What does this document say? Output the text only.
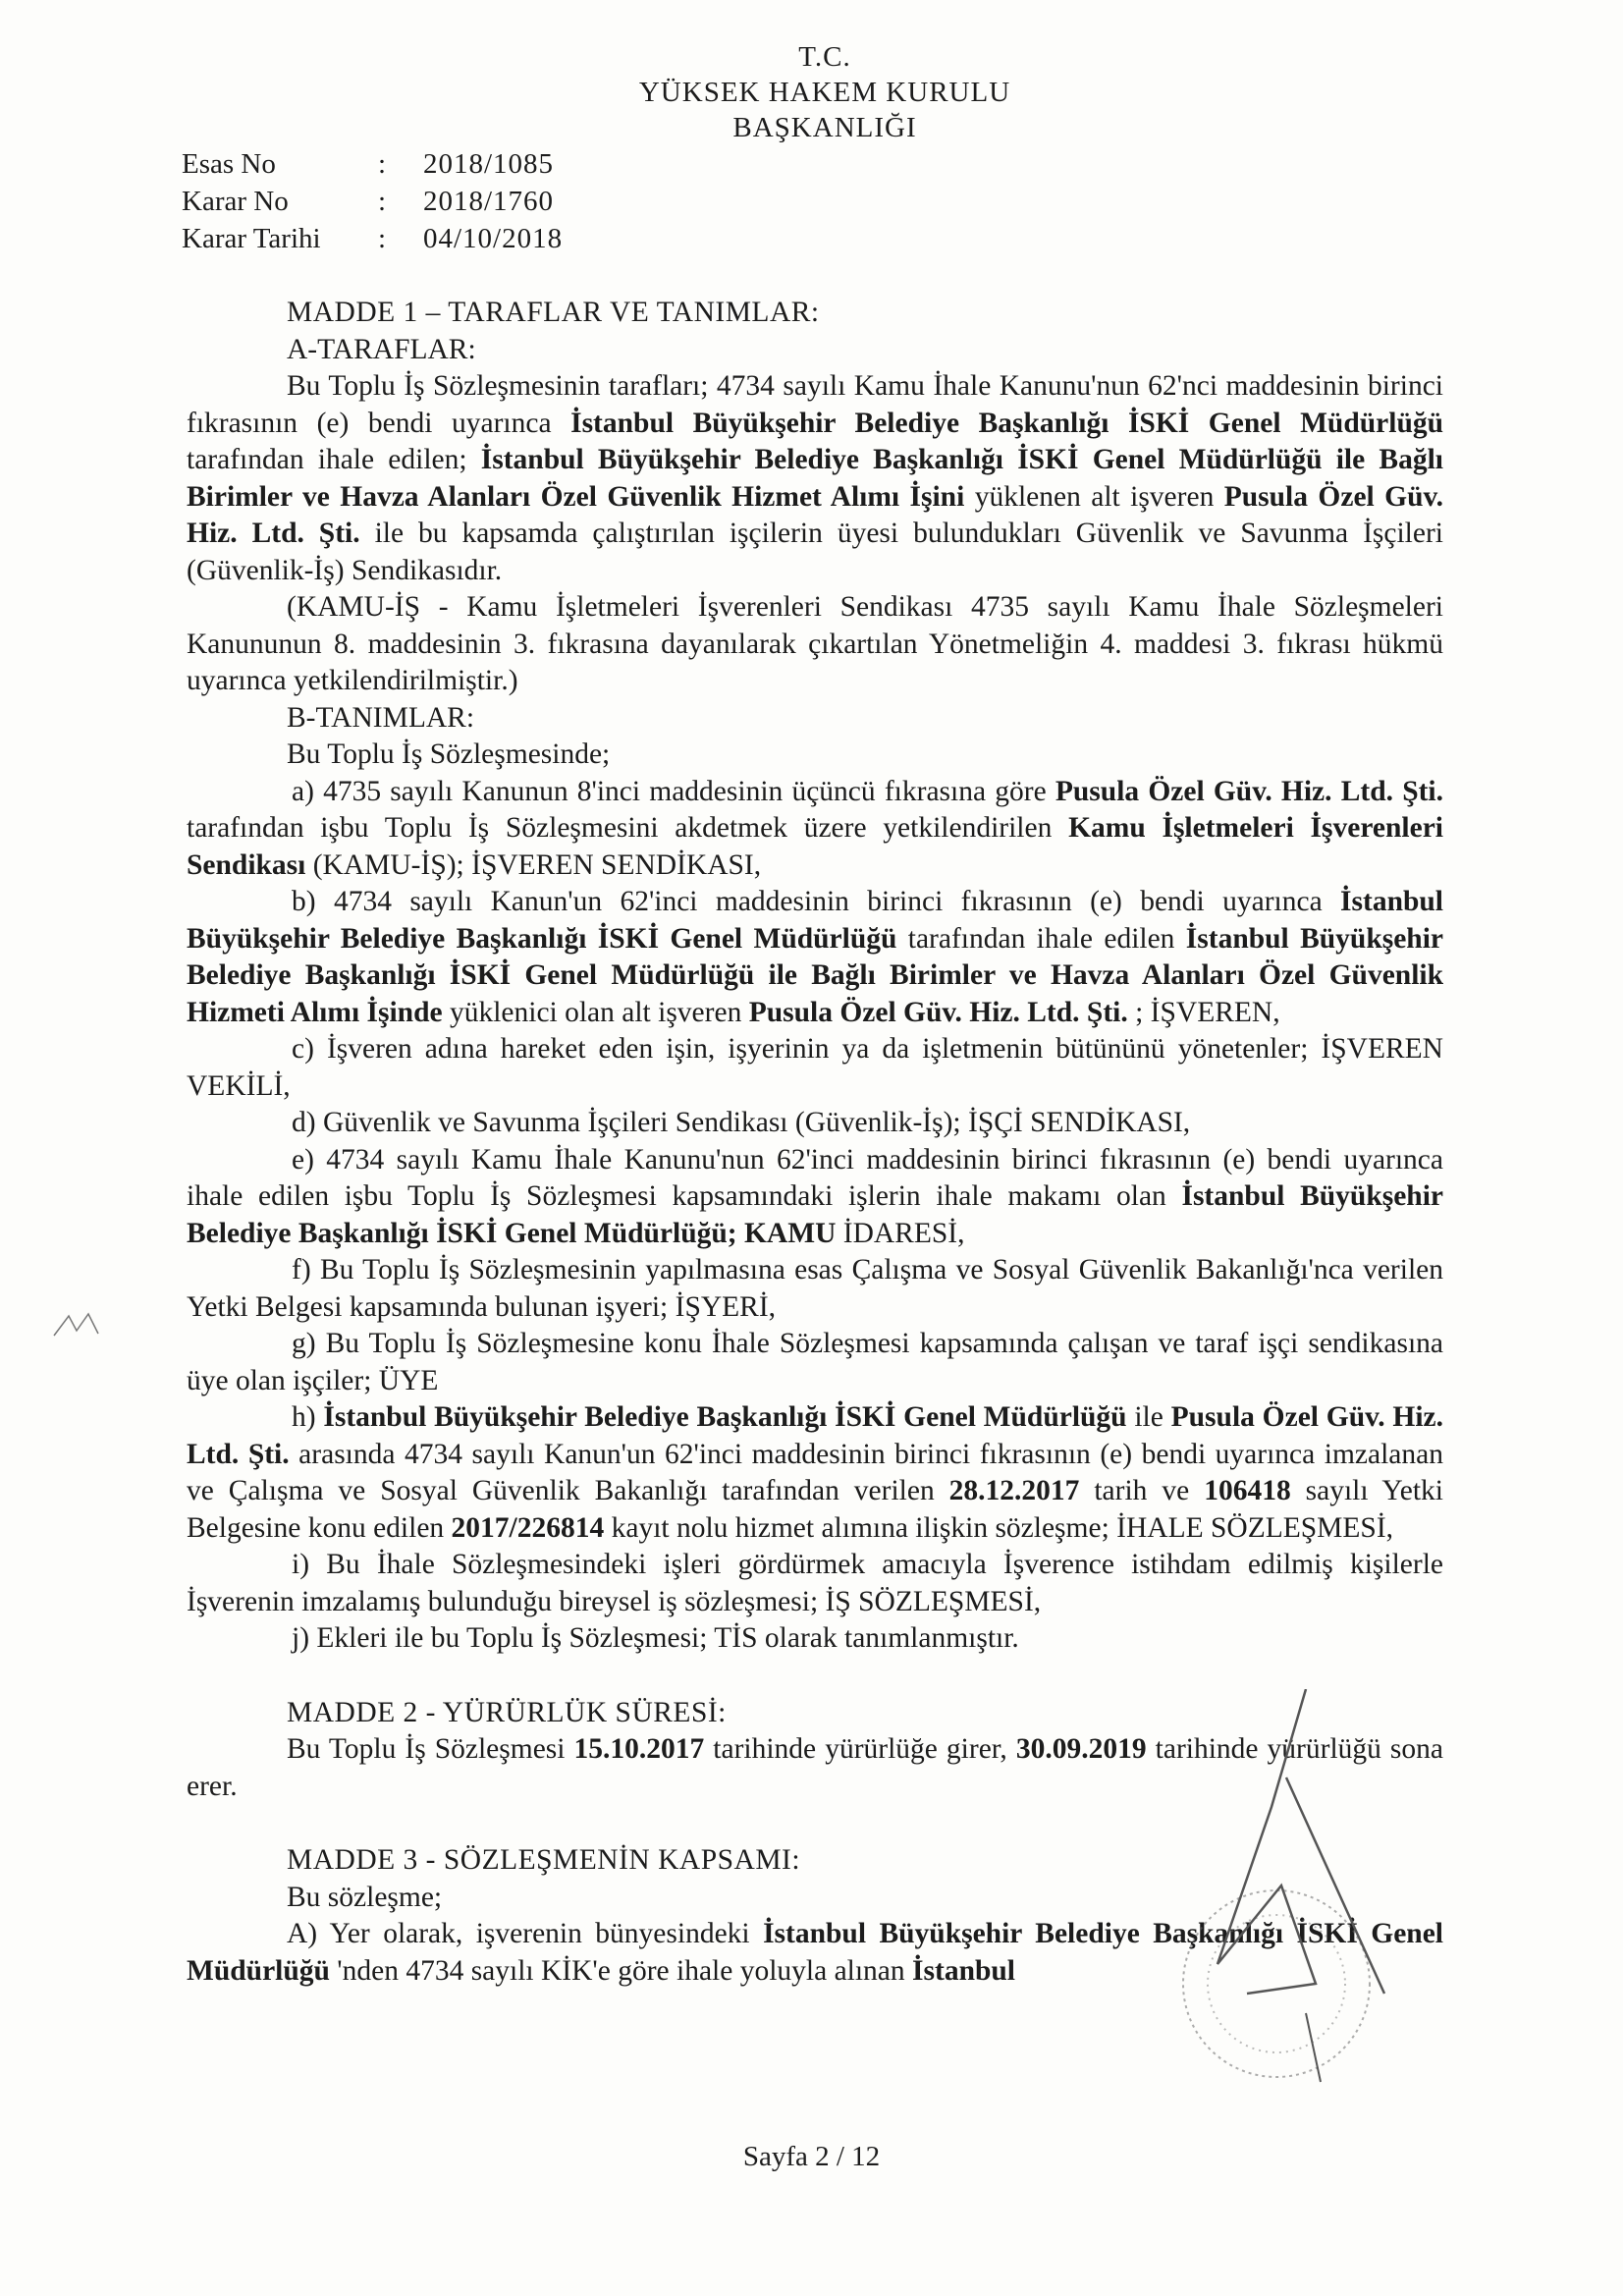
T.C.
YÜKSEK HAKEM KURULU
BAŞKANLIĞI
Esas No	:	2018/1085
Karar No	:	2018/1760
Karar Tarihi	:	04/10/2018

MADDE 1 – TARAFLAR VE TANIMLAR:

A-TARAFLAR:

Bu Toplu İş Sözleşmesinin tarafları; 4734 sayılı Kamu İhale Kanunu'nun 62'nci maddesinin birinci fıkrasının (e) bendi uyarınca İstanbul Büyükşehir Belediye Başkanlığı İSKİ Genel Müdürlüğü tarafından ihale edilen; İstanbul Büyükşehir Belediye Başkanlığı İSKİ Genel Müdürlüğü ile Bağlı Birimler ve Havza Alanları Özel Güvenlik Hizmet Alımı İşini yüklenen alt işveren Pusula Özel Güv. Hiz. Ltd. Şti. ile bu kapsamda çalıştırılan işçilerin üyesi bulundukları Güvenlik ve Savunma İşçileri (Güvenlik-İş) Sendikasıdır.

(KAMU-İŞ - Kamu İşletmeleri İşverenleri Sendikası 4735 sayılı Kamu İhale Sözleşmeleri Kanununun 8. maddesinin 3. fıkrasına dayanılarak çıkartılan Yönetmeliğin 4. maddesi 3. fıkrası hükmü uyarınca yetkilendirilmiştir.)

B-TANIMLAR:

Bu Toplu İş Sözleşmesinde;

a) 4735 sayılı Kanunun 8'inci maddesinin üçüncü fıkrasına göre Pusula Özel Güv. Hiz. Ltd. Şti. tarafından işbu Toplu İş Sözleşmesini akdetmek üzere yetkilendirilen Kamu İşletmeleri İşverenleri Sendikası (KAMU-İŞ); İŞVEREN SENDİKASI,

b) 4734 sayılı Kanun'un 62'inci maddesinin birinci fıkrasının (e) bendi uyarınca İstanbul Büyükşehir Belediye Başkanlığı İSKİ Genel Müdürlüğü tarafından ihale edilen İstanbul Büyükşehir Belediye Başkanlığı İSKİ Genel Müdürlüğü ile Bağlı Birimler ve Havza Alanları Özel Güvenlik Hizmeti Alımı İşinde yüklenici olan alt işveren Pusula Özel Güv. Hiz. Ltd. Şti. ; İŞVEREN,

c) İşveren adına hareket eden işin, işyerinin ya da işletmenin bütününü yönetenler; İŞVEREN VEKİLİ,

d) Güvenlik ve Savunma İşçileri Sendikası (Güvenlik-İş); İŞÇİ SENDİKASI,

e) 4734 sayılı Kamu İhale Kanunu'nun 62'inci maddesinin birinci fıkrasının (e) bendi uyarınca ihale edilen işbu Toplu İş Sözleşmesi kapsamındaki işlerin ihale makamı olan İstanbul Büyükşehir Belediye Başkanlığı İSKİ Genel Müdürlüğü; KAMU İDARESİ,

f) Bu Toplu İş Sözleşmesinin yapılmasına esas Çalışma ve Sosyal Güvenlik Bakanlığı'nca verilen Yetki Belgesi kapsamında bulunan işyeri; İŞYERİ,

g) Bu Toplu İş Sözleşmesine konu İhale Sözleşmesi kapsamında çalışan ve taraf işçi sendikasına üye olan işçiler; ÜYE

h) İstanbul Büyükşehir Belediye Başkanlığı İSKİ Genel Müdürlüğü ile Pusula Özel Güv. Hiz. Ltd. Şti. arasında 4734 sayılı Kanun'un 62'inci maddesinin birinci fıkrasının (e) bendi uyarınca imzalanan ve Çalışma ve Sosyal Güvenlik Bakanlığı tarafından verilen 28.12.2017 tarih ve 106418 sayılı Yetki Belgesine konu edilen 2017/226814 kayıt nolu hizmet alımına ilişkin sözleşme; İHALE SÖZLEŞMESİ,

i) Bu İhale Sözleşmesindeki işleri gördürmek amacıyla İşverence istihdam edilmiş kişilerle İşverenin imzalamış bulunduğu bireysel iş sözleşmesi; İŞ SÖZLEŞMESİ,

j) Ekleri ile bu Toplu İş Sözleşmesi; TİS olarak tanımlanmıştır.

MADDE 2 - YÜRÜRLÜK SÜRESİ:

Bu Toplu İş Sözleşmesi 15.10.2017 tarihinde yürürlüğe girer, 30.09.2019 tarihinde yürürlüğü sona erer.

MADDE 3 - SÖZLEŞMENİN KAPSAMI:

Bu sözleşme;

A) Yer olarak, işverenin bünyesindeki İstanbul Büyükşehir Belediye Başkanlığı İSKİ Genel Müdürlüğü 'nden 4734 sayılı KİK'e göre ihale yoluyla alınan İstanbul

Sayfa 2 / 12
